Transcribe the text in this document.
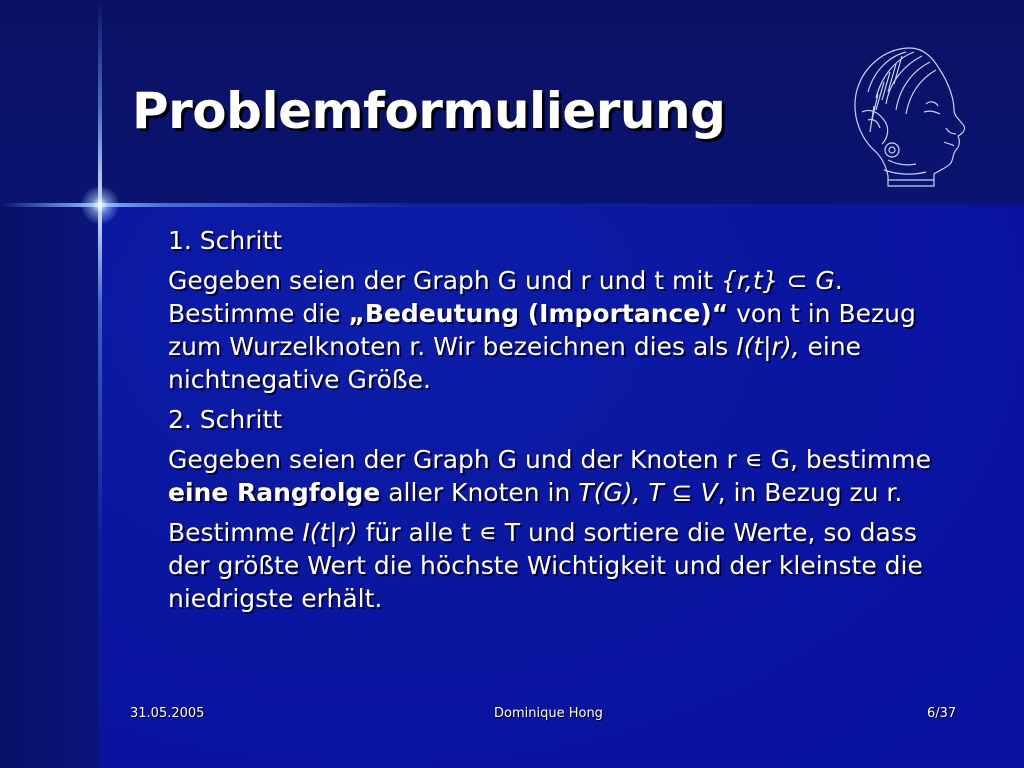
Problemformulierung

1. Schritt

Gegeben seien der Graph G und r und t mit {r,t} ⊂ G. Bestimme die „Bedeutung (Importance)“ von t in Bezug zum Wurzelknoten r. Wir bezeichnen dies als I(t|r), eine nichtnegative Größe.

2. Schritt

Gegeben seien der Graph G und der Knoten r ∊ G, bestimme eine Rangfolge aller Knoten in T(G), T ⊆ V, in Bezug zu r.

Bestimme I(t|r) für alle t ∊ T und sortiere die Werte, so dass der größte Wert die höchste Wichtigkeit und der kleinste die niedrigste erhält.

31.05.2005	Dominique Hong	6/37
